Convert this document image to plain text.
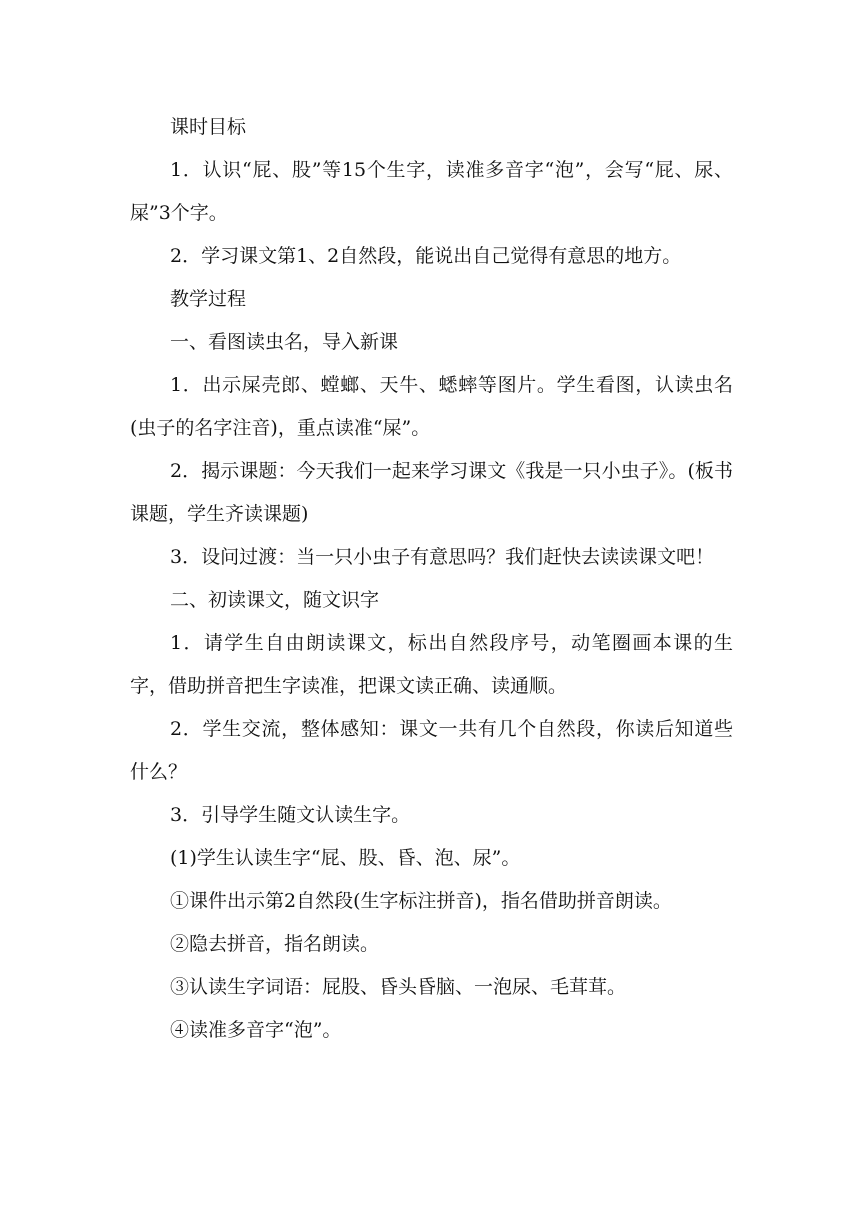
课时目标

1．认识“屁、股”等15个生字，读准多音字“泡”，会写“屁、尿、屎”3个字。

2．学习课文第1、2自然段，能说出自己觉得有意思的地方。

教学过程

一、看图读虫名，导入新课

1．出示屎壳郎、螳螂、天牛、蟋蟀等图片。学生看图，认读虫名(虫子的名字注音)，重点读准“屎”。

2．揭示课题：今天我们一起来学习课文《我是一只小虫子》。(板书课题，学生齐读课题)

3．设问过渡：当一只小虫子有意思吗？我们赶快去读读课文吧！

二、初读课文，随文识字

1．请学生自由朗读课文，标出自然段序号，动笔圈画本课的生字，借助拼音把生字读准，把课文读正确、读通顺。

2．学生交流，整体感知：课文一共有几个自然段，你读后知道些什么？

3．引导学生随文认读生字。

(1)学生认读生字“屁、股、昏、泡、尿”。

①课件出示第2自然段(生字标注拼音)，指名借助拼音朗读。

②隐去拼音，指名朗读。

③认读生字词语：屁股、昏头昏脑、一泡尿、毛茸茸。

④读准多音字“泡”。
